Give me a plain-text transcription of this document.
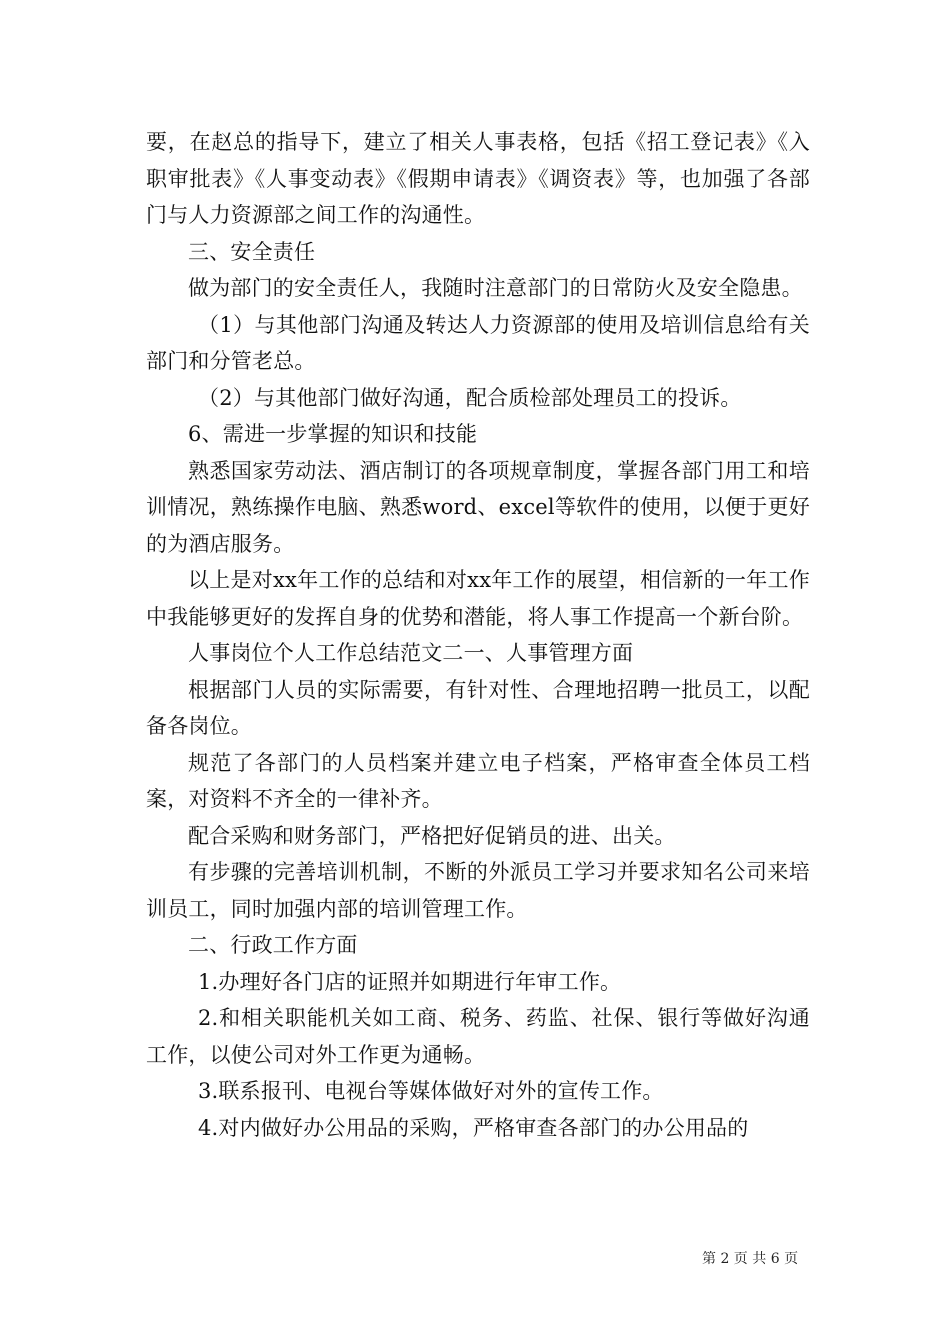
要，在赵总的指导下，建立了相关人事表格，包括《招工登记表》《入职审批表》《人事变动表》《假期申请表》《调资表》等，也加强了各部门与人力资源部之间工作的沟通性。

三、安全责任

做为部门的安全责任人，我随时注意部门的日常防火及安全隐患。

（1）与其他部门沟通及转达人力资源部的使用及培训信息给有关部门和分管老总。

（2）与其他部门做好沟通，配合质检部处理员工的投诉。

6、需进一步掌握的知识和技能

熟悉国家劳动法、酒店制订的各项规章制度，掌握各部门用工和培训情况，熟练操作电脑、熟悉word、excel等软件的使用，以便于更好的为酒店服务。

以上是对xx年工作的总结和对xx年工作的展望，相信新的一年工作中我能够更好的发挥自身的优势和潜能，将人事工作提高一个新台阶。

人事岗位个人工作总结范文二一、人事管理方面

根据部门人员的实际需要，有针对性、合理地招聘一批员工，以配备各岗位。

规范了各部门的人员档案并建立电子档案，严格审查全体员工档案，对资料不齐全的一律补齐。

配合采购和财务部门，严格把好促销员的进、出关。

有步骤的完善培训机制，不断的外派员工学习并要求知名公司来培训员工，同时加强内部的培训管理工作。

二、行政工作方面

1.办理好各门店的证照并如期进行年审工作。

2.和相关职能机关如工商、税务、药监、社保、银行等做好沟通工作，以使公司对外工作更为通畅。

3.联系报刊、电视台等媒体做好对外的宣传工作。

4.对内做好办公用品的采购，严格审查各部门的办公用品的

第 2 页 共 6 页
